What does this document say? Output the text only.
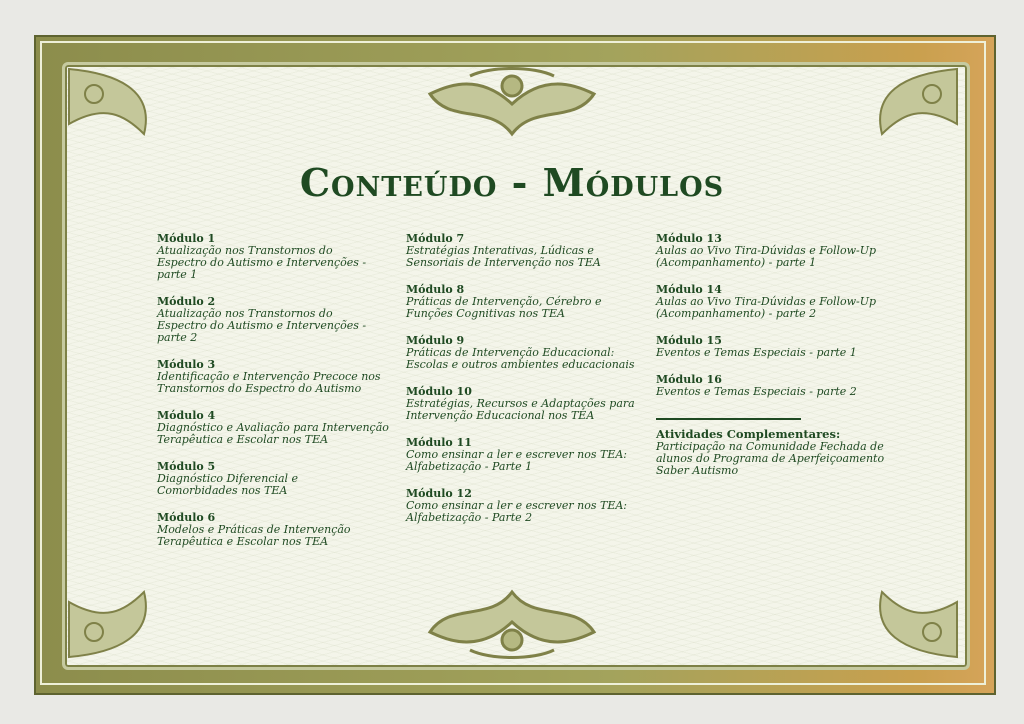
Conteúdo - Módulos
Módulo 1
Atualização nos Transtornos do
Espectro do Autismo e Intervenções - parte 1
Módulo 2
Atualização nos Transtornos do
Espectro do Autismo e Intervenções - parte 2
Módulo 3
Identificação e Intervenção Precoce nos
Transtornos do Espectro do Autismo
Módulo 4
Diagnóstico e Avaliação para Intervenção
Terapêutica e Escolar nos TEA
Módulo 5
Diagnóstico Diferencial e
Comorbidades nos TEA
Módulo 6
Modelos e Práticas de Intervenção
Terapêutica e Escolar nos TEA
Módulo 7
Estratégias Interativas, Lúdicas e
Sensoriais de Intervenção nos TEA
Módulo 8
Práticas de Intervenção, Cérebro e
Funções Cognitivas nos TEA
Módulo 9
Práticas de Intervenção Educacional:
Escolas e outros ambientes educacionais
Módulo 10
Estratégias, Recursos e Adaptações para
Intervenção Educacional nos TEA
Módulo 11
Como ensinar a ler e escrever nos TEA:
Alfabetização - Parte 1
Módulo 12
Como ensinar a ler e escrever nos TEA:
Alfabetização - Parte 2
Módulo 13
Aulas ao Vivo Tira-Dúvidas e Follow-Up
(Acompanhamento) - parte 1
Módulo 14
Aulas ao Vivo Tira-Dúvidas e Follow-Up
(Acompanhamento) - parte 2
Módulo 15
Eventos e Temas Especiais - parte 1
Módulo 16
Eventos e Temas Especiais - parte 2
Atividades Complementares:
Participação na Comunidade Fechada de
alunos do Programa de Aperfeiçoamento
Saber Autismo
